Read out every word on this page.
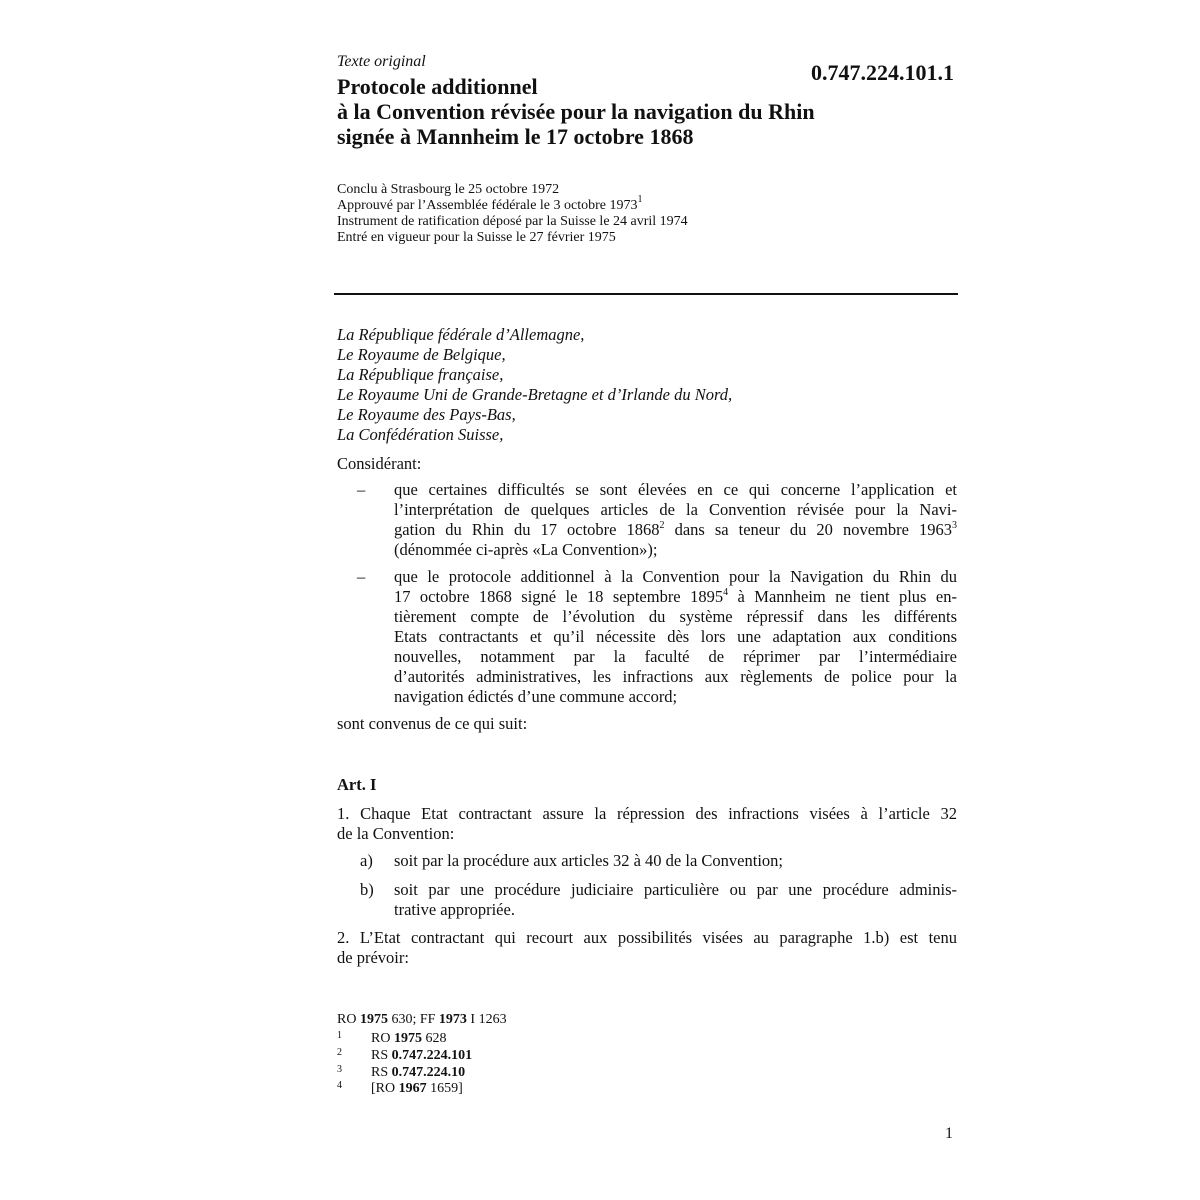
Texte original	0.747.224.101.1
Protocole additionnel
à la Convention révisée pour la navigation du Rhin
signée à Mannheim le 17 octobre 1868
Conclu à Strasbourg le 25 octobre 1972
Approuvé par l’Assemblée fédérale le 3 octobre 1973$^1$
Instrument de ratification déposé par la Suisse le 24 avril 1974
Entré en vigueur pour la Suisse le 27 février 1975
La République fédérale d’Allemagne,
Le Royaume de Belgique,
La République française,
Le Royaume Uni de Grande-Bretagne et d’Irlande du Nord,
Le Royaume des Pays-Bas,
La Confédération Suisse,
Considérant:
– que certaines difficultés se sont élevées en ce qui concerne l’application et
l’interprétation de quelques articles de la Convention révisée pour la Navi-
gation du Rhin du 17 octobre 1868$^2$ dans sa teneur du 20 novembre 1963$^3$
(dénommée ci-après «La Convention»);
– que le protocole additionnel à la Convention pour la Navigation du Rhin du
17 octobre 1868 signé le 18 septembre 1895$^4$ à Mannheim ne tient plus en-
tièrement compte de l’évolution du système répressif dans les différents
Etats contractants et qu’il nécessite dès lors une adaptation aux conditions
nouvelles, notamment par la faculté de réprimer par l’intermédiaire
d’autorités administratives, les infractions aux règlements de police pour la
navigation édictés d’une commune accord;
sont convenus de ce qui suit:
Art. I
1. Chaque Etat contractant assure la répression des infractions visées à l’article 32
de la Convention:
a) soit par la procédure aux articles 32 à 40 de la Convention;
b) soit par une procédure judiciaire particulière ou par une procédure adminis-
trative appropriée.
2. L’Etat contractant qui recourt aux possibilités visées au paragraphe 1.b) est tenu
de prévoir:
RO 1975 630; FF 1973 I 1263
1 RO 1975 628
2 RS 0.747.224.101
3 RS 0.747.224.10
4 [RO 1967 1659]
1
